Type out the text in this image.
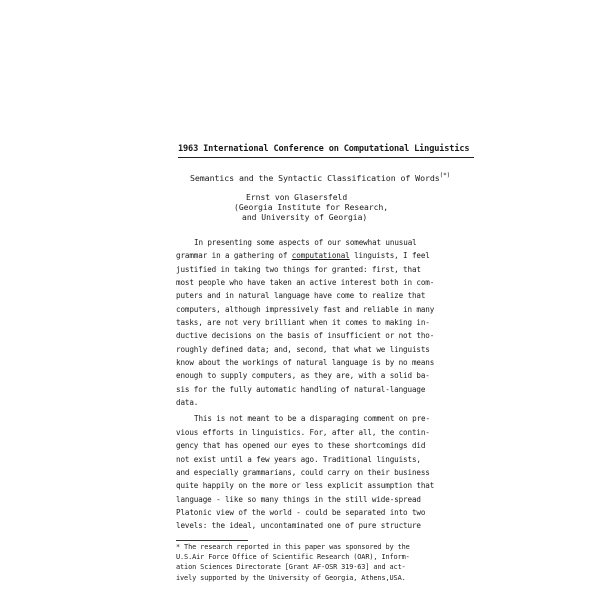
1963 International Conference on Computational Linguistics
Semantics and the Syntactic Classification of Words(*)
Ernst von Glasersfeld
(Georgia Institute for Research,
and University of Georgia)
In presenting some aspects of our somewhat unusual
grammar in a gathering of computational linguists, I feel
justified in taking two things for granted: first, that
most people who have taken an active interest both in com-
puters and in natural language have come to realize that
computers, although impressively fast and reliable in many
tasks, are not very brilliant when it comes to making in-
ductive decisions on the basis of insufficient or not tho-
roughly defined data; and, second, that what we linguists
know about the workings of natural language is by no means
enough to supply computers, as they are, with a solid ba-
sis for the fully automatic handling of natural-language
data.
This is not meant to be a disparaging comment on pre-
vious efforts in linguistics. For, after all, the contin-
gency that has opened our eyes to these shortcomings did
not exist until a few years ago. Traditional linguists,
and especially grammarians, could carry on their business
quite happily on the more or less explicit assumption that
language - like so many things in the still wide-spread
Platonic view of the world - could be separated into two
levels: the ideal, uncontaminated one of pure structure
* The research reported in this paper was sponsored by the
U.S.Air Force Office of Scientific Research (OAR), Inform-
ation Sciences Directorate [Grant AF-OSR 319-63] and act-
ively supported by the University of Georgia, Athens,USA.
